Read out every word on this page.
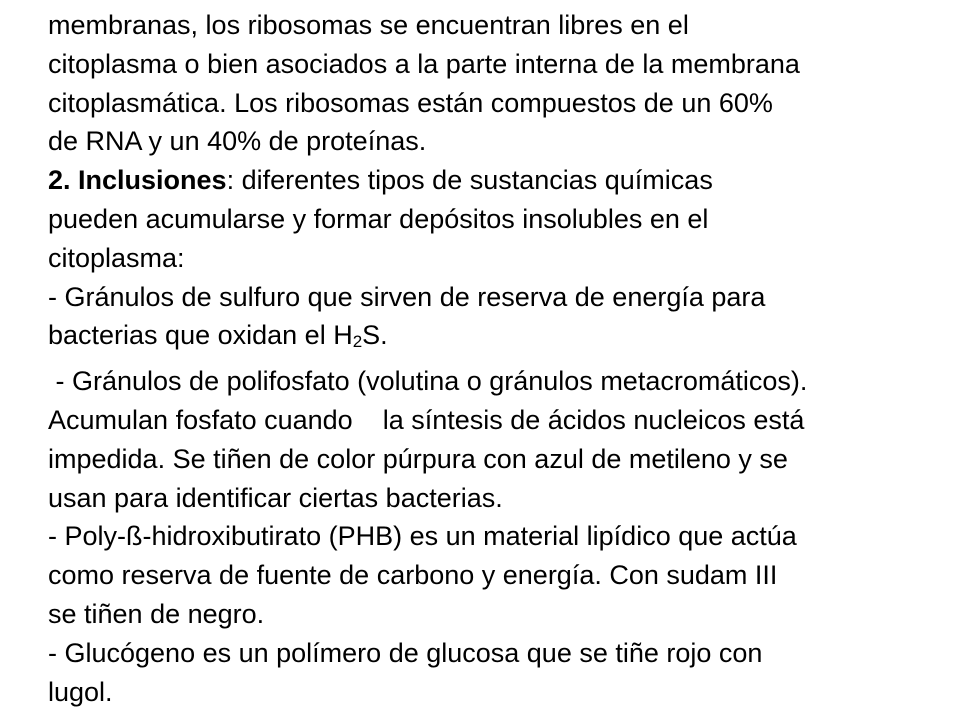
membranas, los ribosomas se encuentran libres en el
citoplasma o bien asociados a la parte interna de la membrana
citoplasmática. Los ribosomas están compuestos de un 60%
de RNA y un 40% de proteínas.
2. Inclusiones: diferentes tipos de sustancias químicas
pueden acumularse y formar depósitos insolubles en el
citoplasma:
- Gránulos de sulfuro que sirven de reserva de energía para
bacterias que oxidan el H2S.
- Gránulos de polifosfato (volutina o gránulos metacromáticos).
Acumulan fosfato cuando    la síntesis de ácidos nucleicos está
impedida. Se tiñen de color púrpura con azul de metileno y se
usan para identificar ciertas bacterias.
- Poly-ß-hidroxibutirato (PHB) es un material lipídico que actúa
como reserva de fuente de carbono y energía. Con sudam III
se tiñen de negro.
- Glucógeno es un polímero de glucosa que se tiñe rojo con
lugol.
